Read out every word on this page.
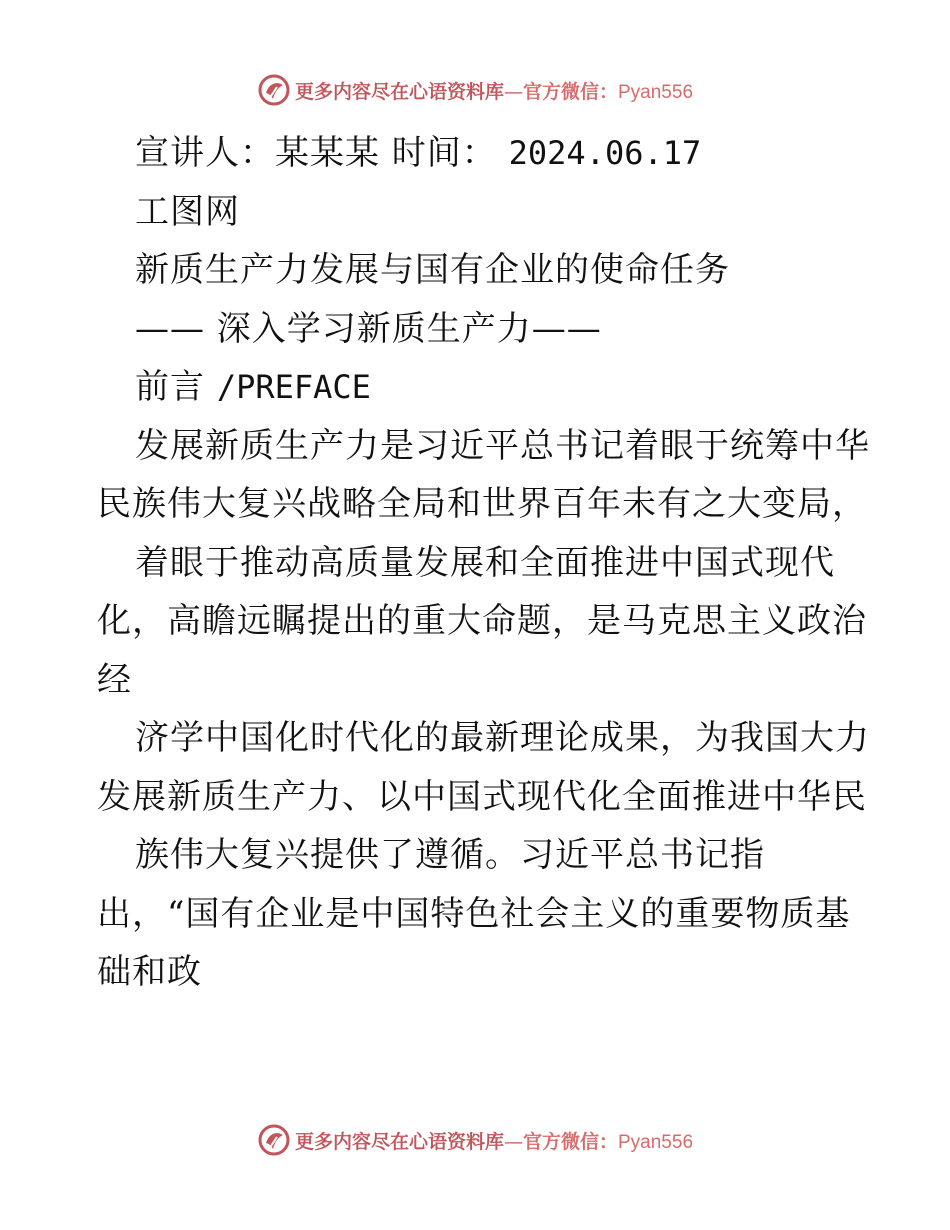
更多内容尽在心语资料库—官方微信：Pyan556
宣讲人：某某某 时间： 2024.06.17
工图网
新质生产力发展与国有企业的使命任务
—— 深入学习新质生产力——
前言 /PREFACE
发展新质生产力是习近平总书记着眼于统筹中华
民族伟大复兴战略全局和世界百年未有之大变局，
着眼于推动高质量发展和全面推进中国式现代
化，高瞻远瞩提出的重大命题，是马克思主义政治
经
济学中国化时代化的最新理论成果，为我国大力
发展新质生产力、以中国式现代化全面推进中华民
族伟大复兴提供了遵循。习近平总书记指
出，“国有企业是中国特色社会主义的重要物质基
础和政
更多内容尽在心语资料库—官方微信：Pyan556
